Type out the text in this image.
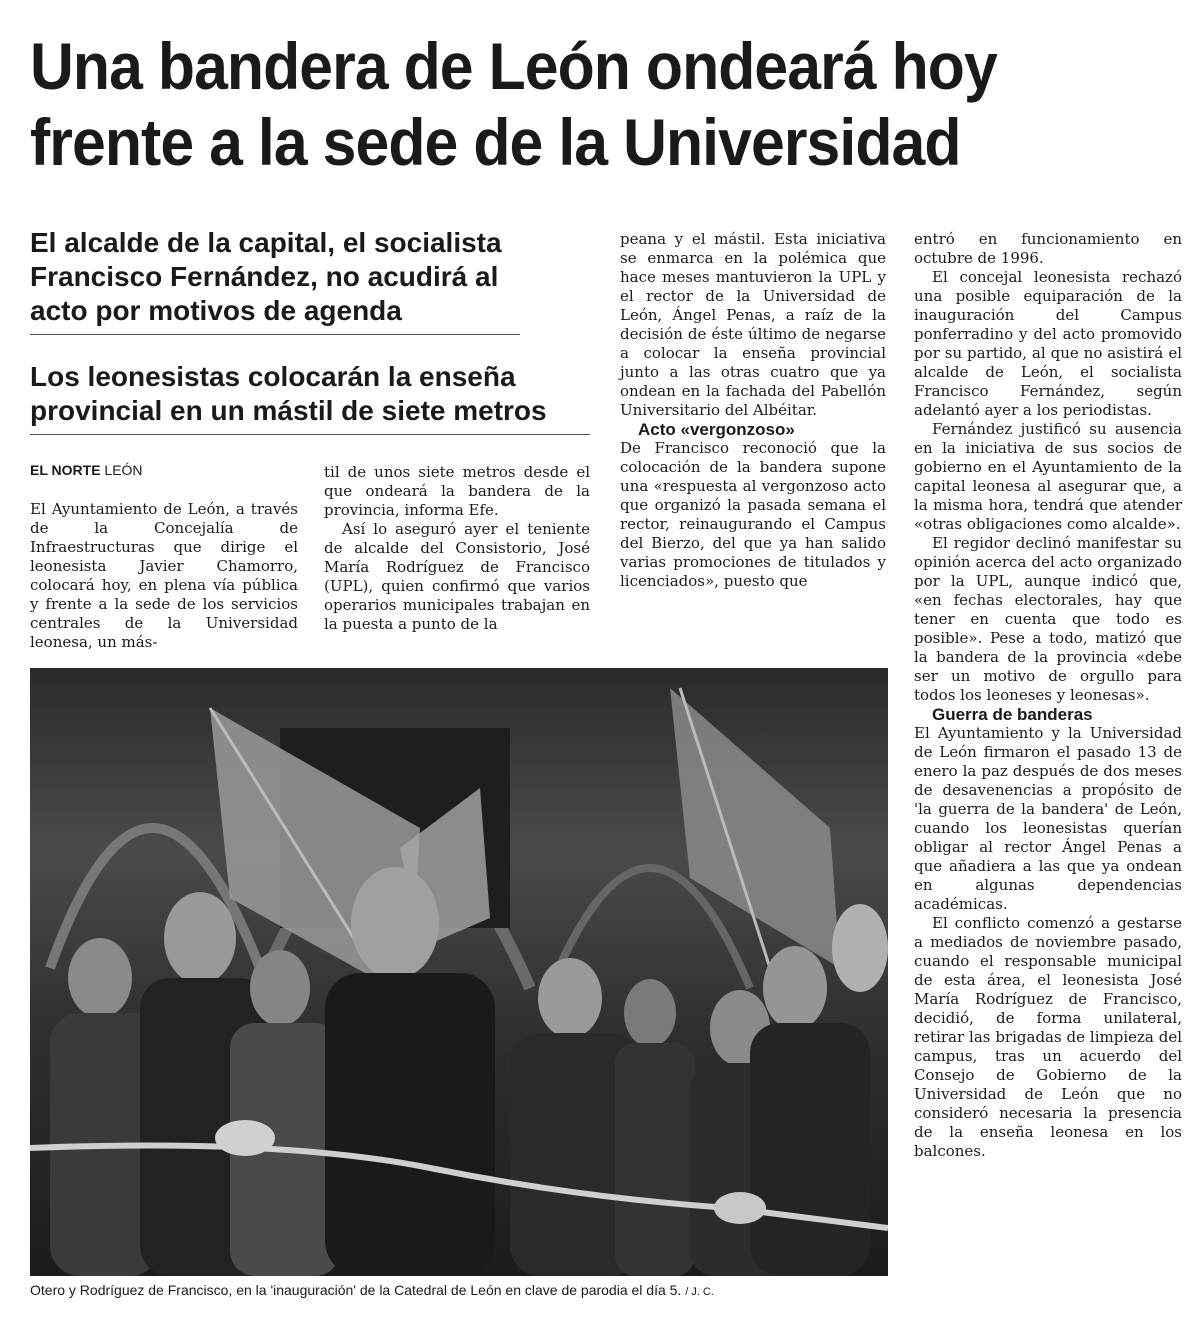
Una bandera de León ondeará hoy
frente a la sede de la Universidad
El alcalde de la capital, el socialista Francisco Fernández, no acudirá al acto por motivos de agenda
Los leonesistas colocarán la enseña provincial en un mástil de siete metros
EL NORTE LEÓN

El Ayuntamiento de León, a través de la Concejalía de Infraestructuras que dirige el leonesista Javier Chamorro, colocará hoy, en plena vía pública y frente a la sede de los servicios centrales de la Universidad leonesa, un más-

til de unos siete metros desde el que ondeará la bandera de la provincia, informa Efe.

Así lo aseguró ayer el teniente de alcalde del Consistorio, José María Rodríguez de Francisco (UPL), quien confirmó que varios operarios municipales trabajan en la puesta a punto de la

peana y el mástil. Esta iniciativa se enmarca en la polémica que hace meses mantuvieron la UPL y el rector de la Universidad de León, Ángel Penas, a raíz de la decisión de éste último de negarse a colocar la enseña provincial junto a las otras cuatro que ya ondean en la fachada del Pabellón Universitario del Albéitar.

Acto «vergonzoso»

De Francisco reconoció que la colocación de la bandera supone una «respuesta al vergonzoso acto que organizó la pasada semana el rector, reinaugurando el Campus del Bierzo, del que ya han salido varias promociones de titulados y licenciados», puesto que

entró en funcionamiento en octubre de 1996.

El concejal leonesista rechazó una posible equiparación de la inauguración del Campus ponferradino y del acto promovido por su partido, al que no asistirá el alcalde de León, el socialista Francisco Fernández, según adelantó ayer a los periodistas.

Fernández justificó su ausencia en la iniciativa de sus socios de gobierno en el Ayuntamiento de la capital leonesa al asegurar que, a la misma hora, tendrá que atender «otras obligaciones como alcalde».

El regidor declinó manifestar su opinión acerca del acto organizado por la UPL, aunque indicó que, «en fechas electorales, hay que tener en cuenta que todo es posible». Pese a todo, matizó que la bandera de la provincia «debe ser un motivo de orgullo para todos los leoneses y leonesas».

Guerra de banderas

El Ayuntamiento y la Universidad de León firmaron el pasado 13 de enero la paz después de dos meses de desavenencias a propósito de 'la guerra de la bandera' de León, cuando los leonesistas querían obligar al rector Ángel Penas a que añadiera a las que ya ondean en algunas dependencias académicas.

El conflicto comenzó a gestarse a mediados de noviembre pasado, cuando el responsable municipal de esta área, el leonesista José María Rodríguez de Francisco, decidió, de forma unilateral, retirar las brigadas de limpieza del campus, tras un acuerdo del Consejo de Gobierno de la Universidad de León que no consideró necesaria la presencia de la enseña leonesa en los balcones.

Otero y Rodríguez de Francisco, en la 'inauguración' de la Catedral de León en clave de parodia el día 5. / J. C.
